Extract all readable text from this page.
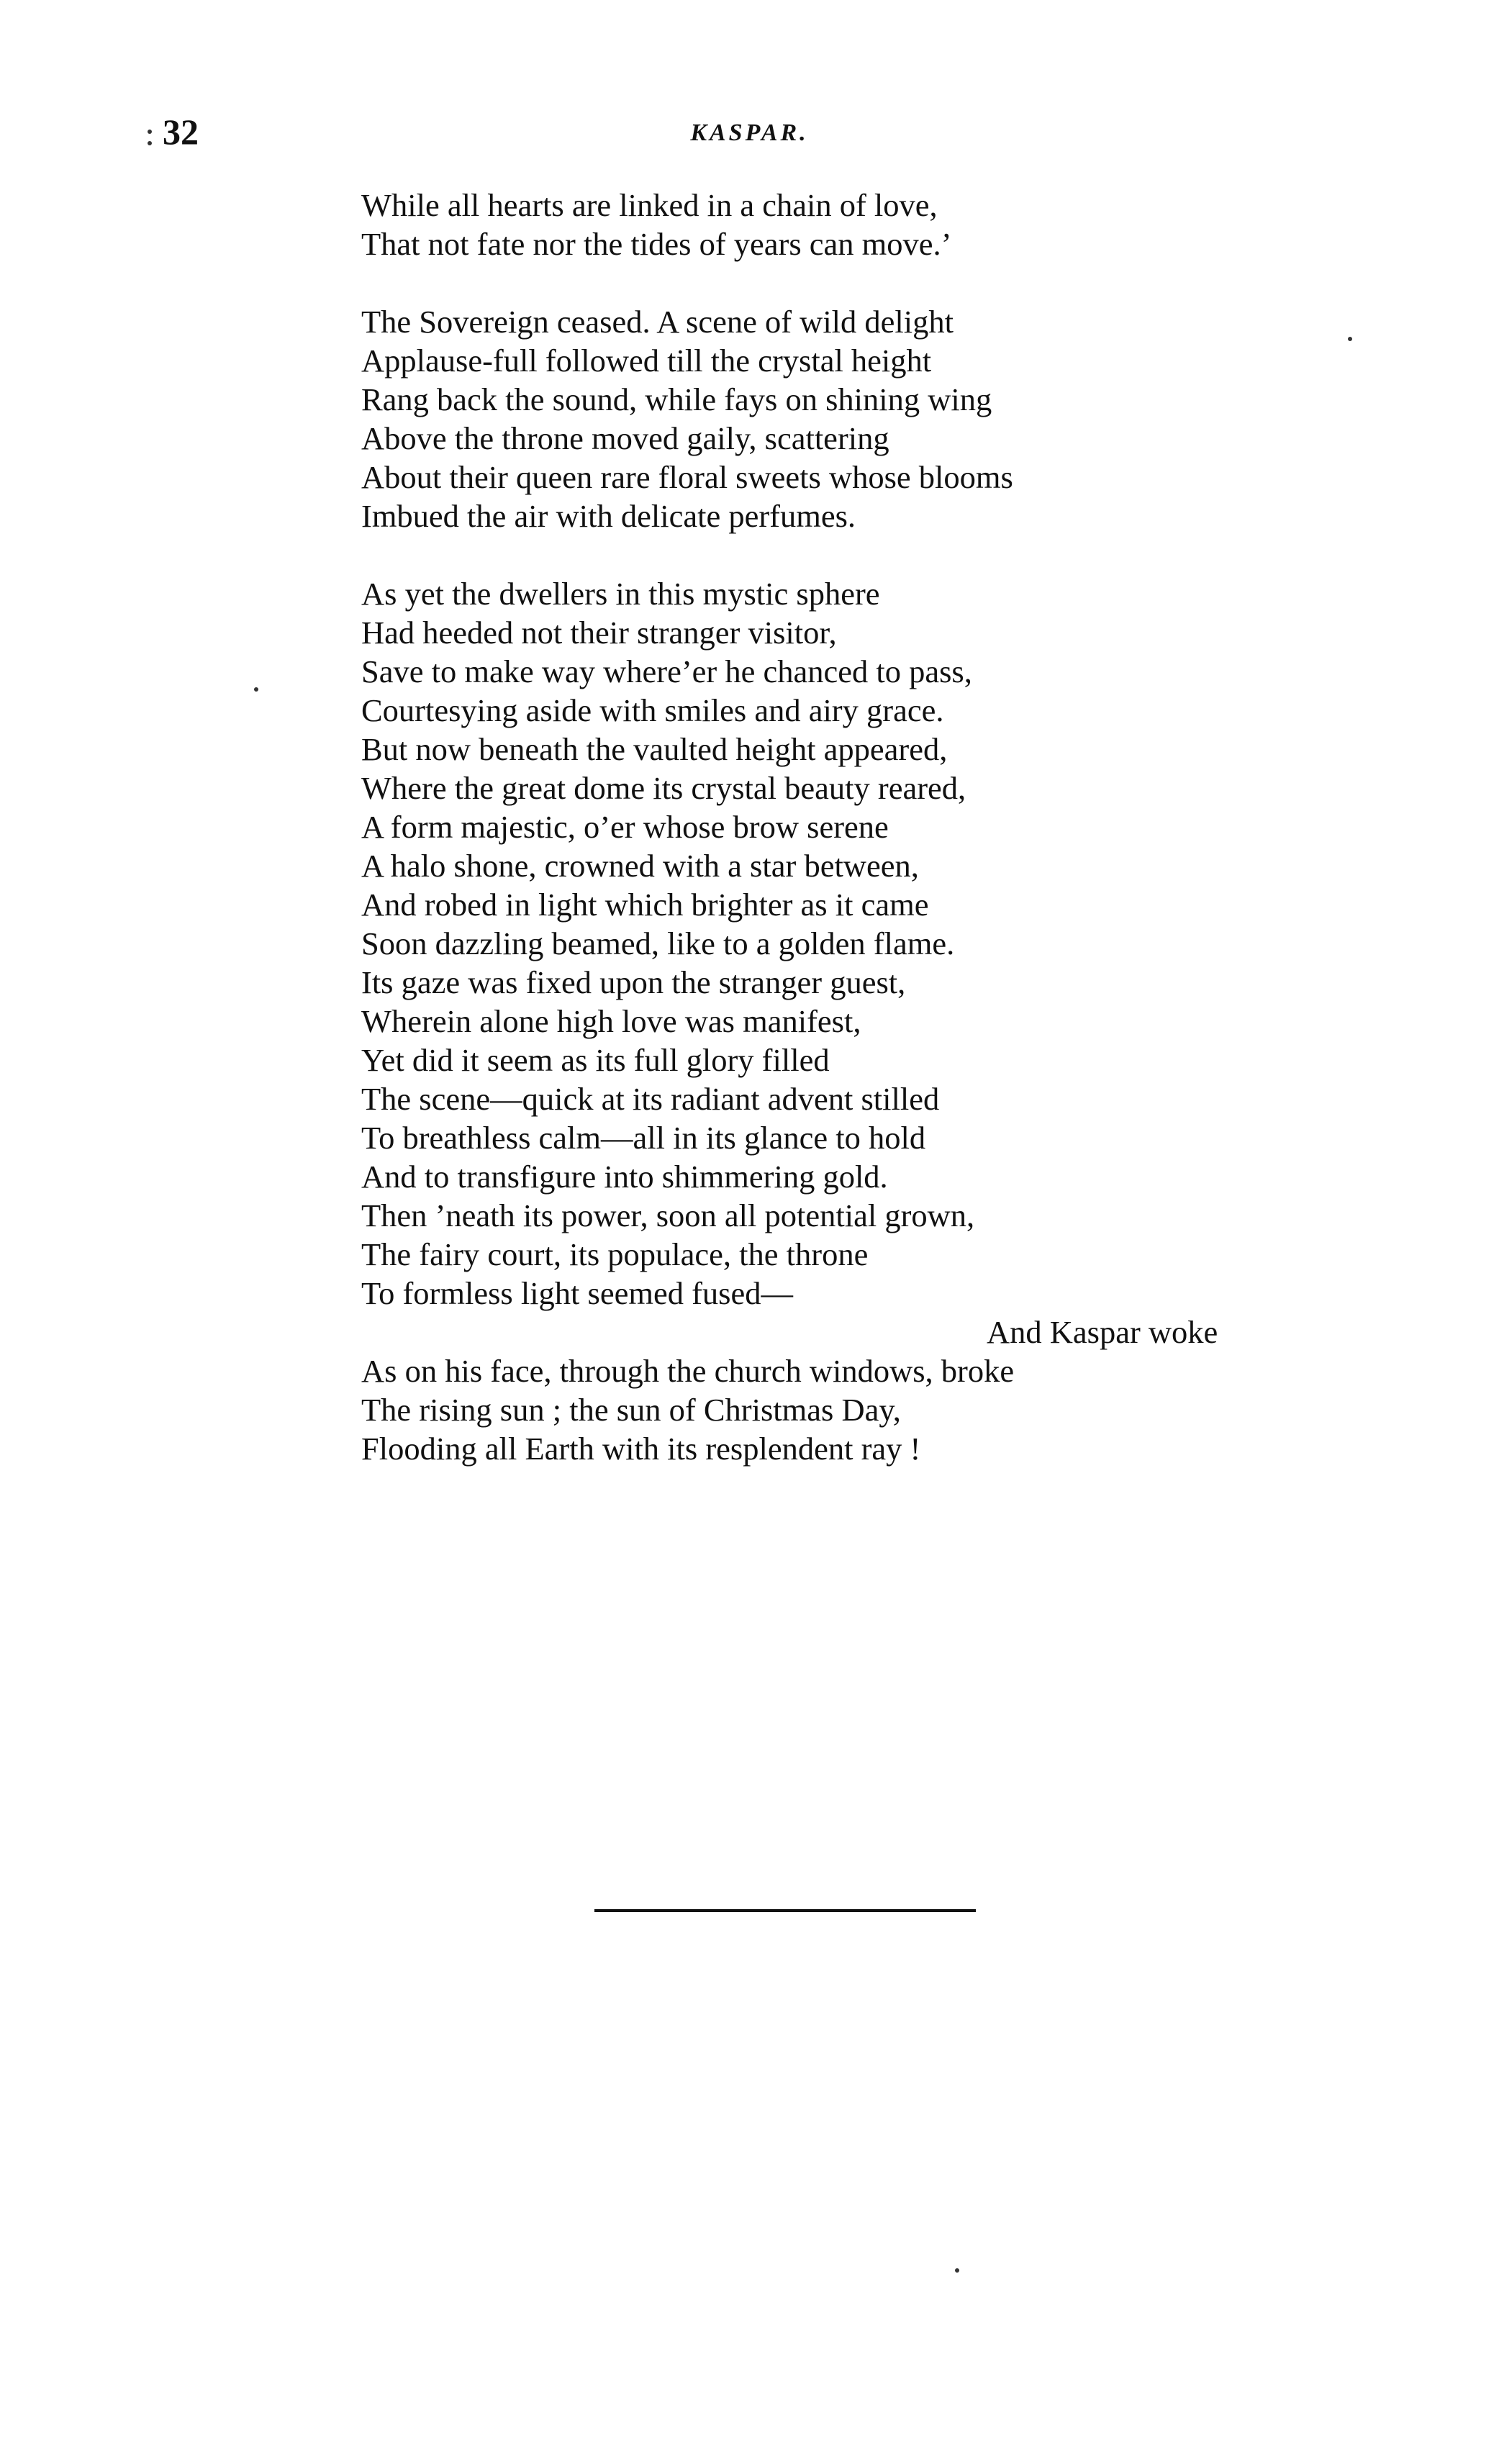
32	KASPAR.
While all hearts are linked in a chain of love,
That not fate nor the tides of years can move.’
The Sovereign ceased. A scene of wild delight
Applause-full followed till the crystal height
Rang back the sound, while fays on shining wing
Above the throne moved gaily, scattering
About their queen rare floral sweets whose blooms
Imbued the air with delicate perfumes.
As yet the dwellers in this mystic sphere
Had heeded not their stranger visitor,
Save to make way where’er he chanced to pass,
Courtesying aside with smiles and airy grace.
But now beneath the vaulted height appeared,
Where the great dome its crystal beauty reared,
A form majestic, o’er whose brow serene
A halo shone, crowned with a star between,
And robed in light which brighter as it came
Soon dazzling beamed, like to a golden flame.
Its gaze was fixed upon the stranger guest,
Wherein alone high love was manifest,
Yet did it seem as its full glory filled
The scene—quick at its radiant advent stilled
To breathless calm—all in its glance to hold
And to transfigure into shimmering gold.
Then ’neath its power, soon all potential grown,
The fairy court, its populace, the throne
To formless light seemed fused—
And Kaspar woke
As on his face, through the church windows, broke
The rising sun ; the sun of Christmas Day,
Flooding all Earth with its resplendent ray !
